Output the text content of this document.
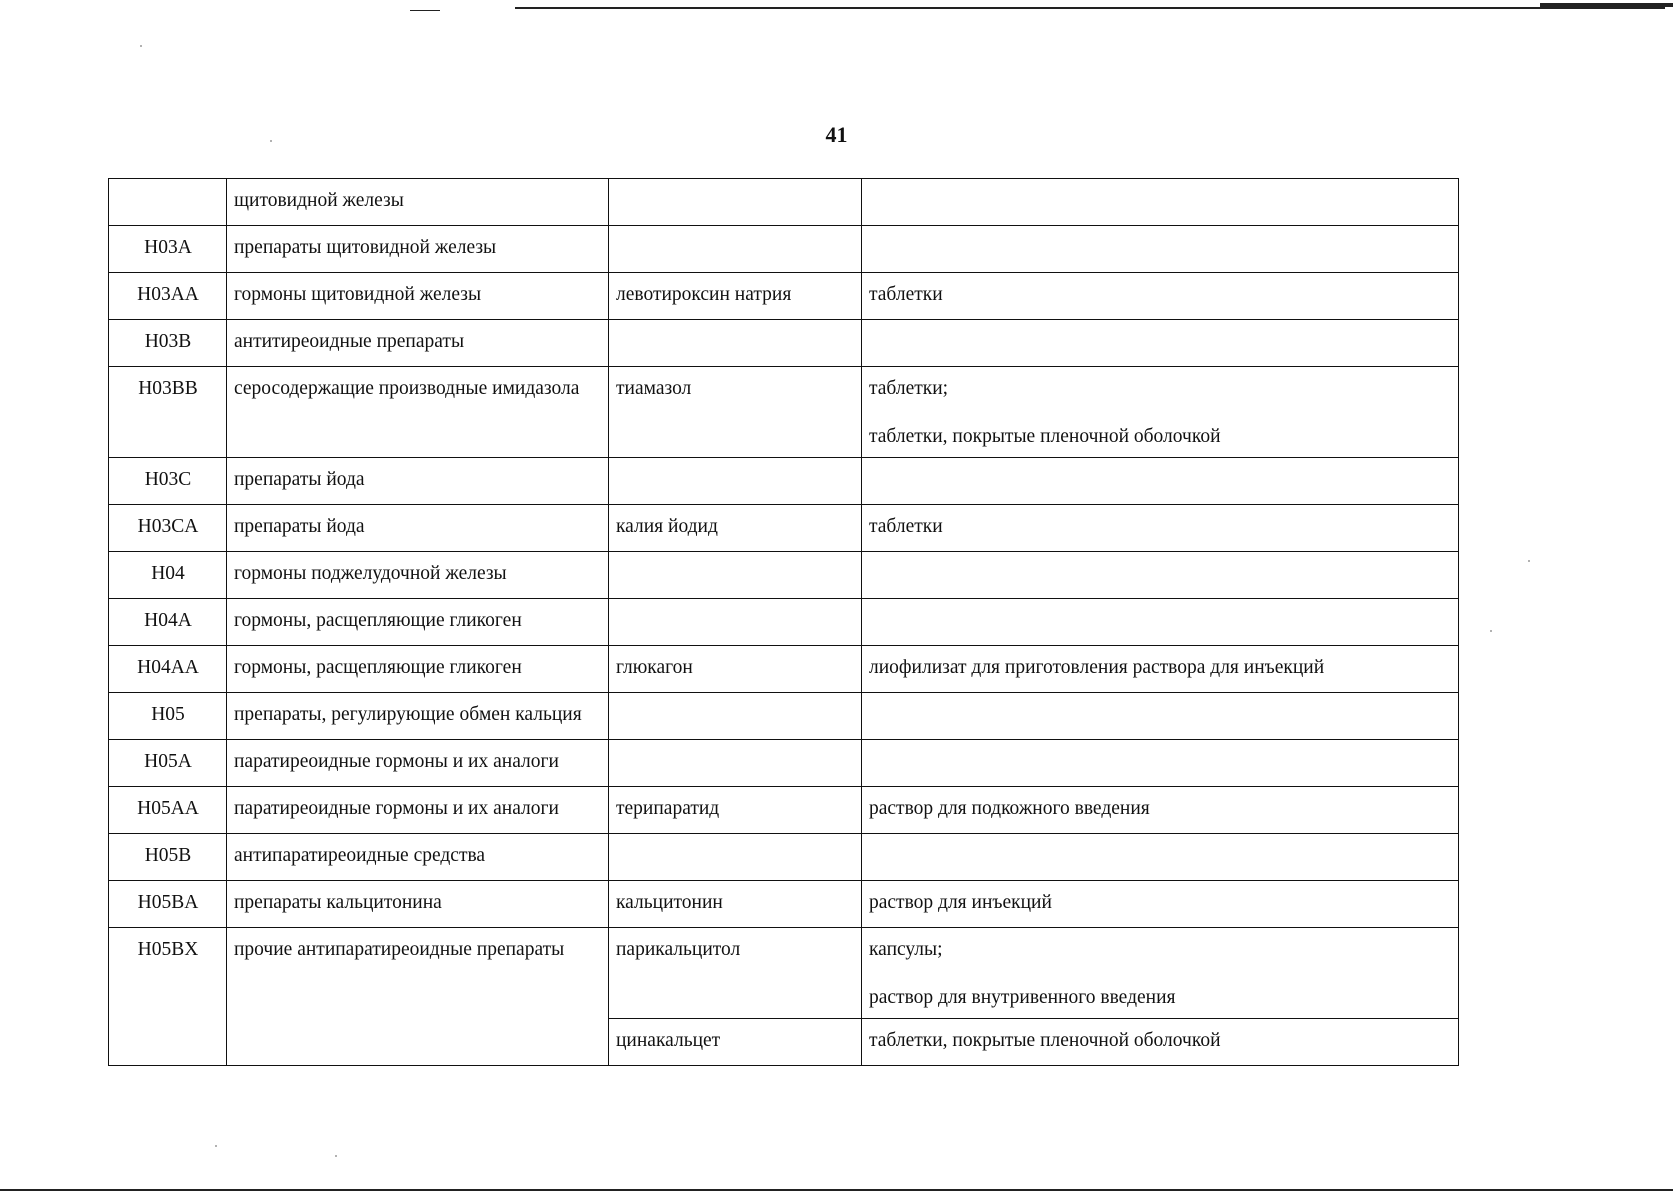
41
	щитовидной железы		
H03A	препараты щитовидной железы		
H03AA	гормоны щитовидной железы	левотироксин натрия	таблетки

H03B	антитиреоидные препараты		
H03BB	серосодержащие производные имидазола	тиамазол	таблетки;
таблетки, покрытые пленочной оболочкой

H03C	препараты йода		
H03CA	препараты йода	калия йодид	таблетки

H04	гормоны поджелудочной железы		
H04A	гормоны, расщепляющие гликоген		
H04AA	гормоны, расщепляющие гликоген	глюкагон	лиофилизат для приготовления раствора для инъекций

H05	препараты, регулирующие обмен кальция		
H05A	паратиреоидные гормоны и их аналоги		
H05AA	паратиреоидные гормоны и их аналоги	терипаратид	раствор для подкожного введения

H05B	антипаратиреоидные средства		
H05BA	препараты кальцитонина	кальцитонин	раствор для инъекций

H05BX	прочие антипаратиреоидные препараты	парикальцитол	капсулы;
раствор для внутривенного введения

		цинакальцет	таблетки, покрытые пленочной оболочкой
